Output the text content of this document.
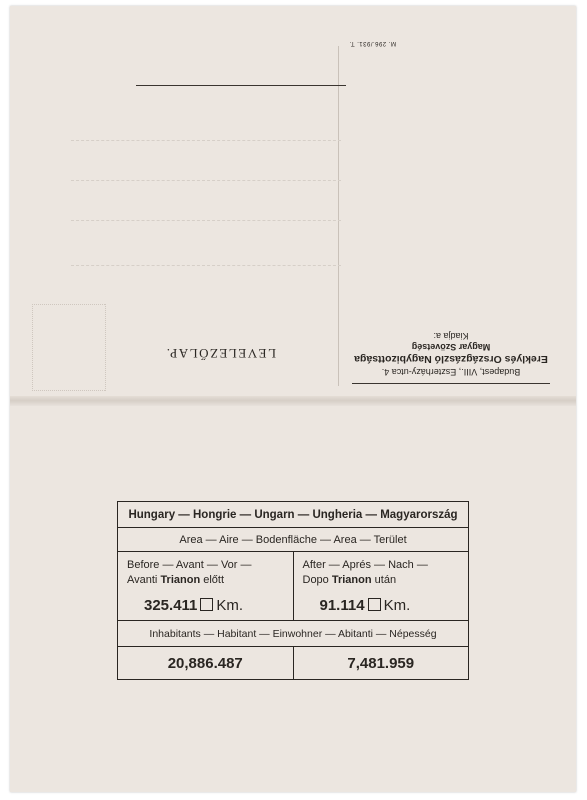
Budapest, VIII., Eszterházy-utca 4.
Ereklyés Országzászló Nagybizottsága
Magyar Szövetség
Kiadja a:
M. 296./931. T.
LEVELEZŐLAP.
Hungary — Hongrie — Ungarn — Ungheria — Magyarország
Area — Aire — Bodenfläche — Area — Terület
Before — Avant — Vor —
Avanti Trianon előtt
325.411 Km.
After — Aprés — Nach —
Dopo Trianon után
91.114 Km.
Inhabitants — Habitant — Einwohner — Abitanti — Népesség
20,886.487	7,481.959
